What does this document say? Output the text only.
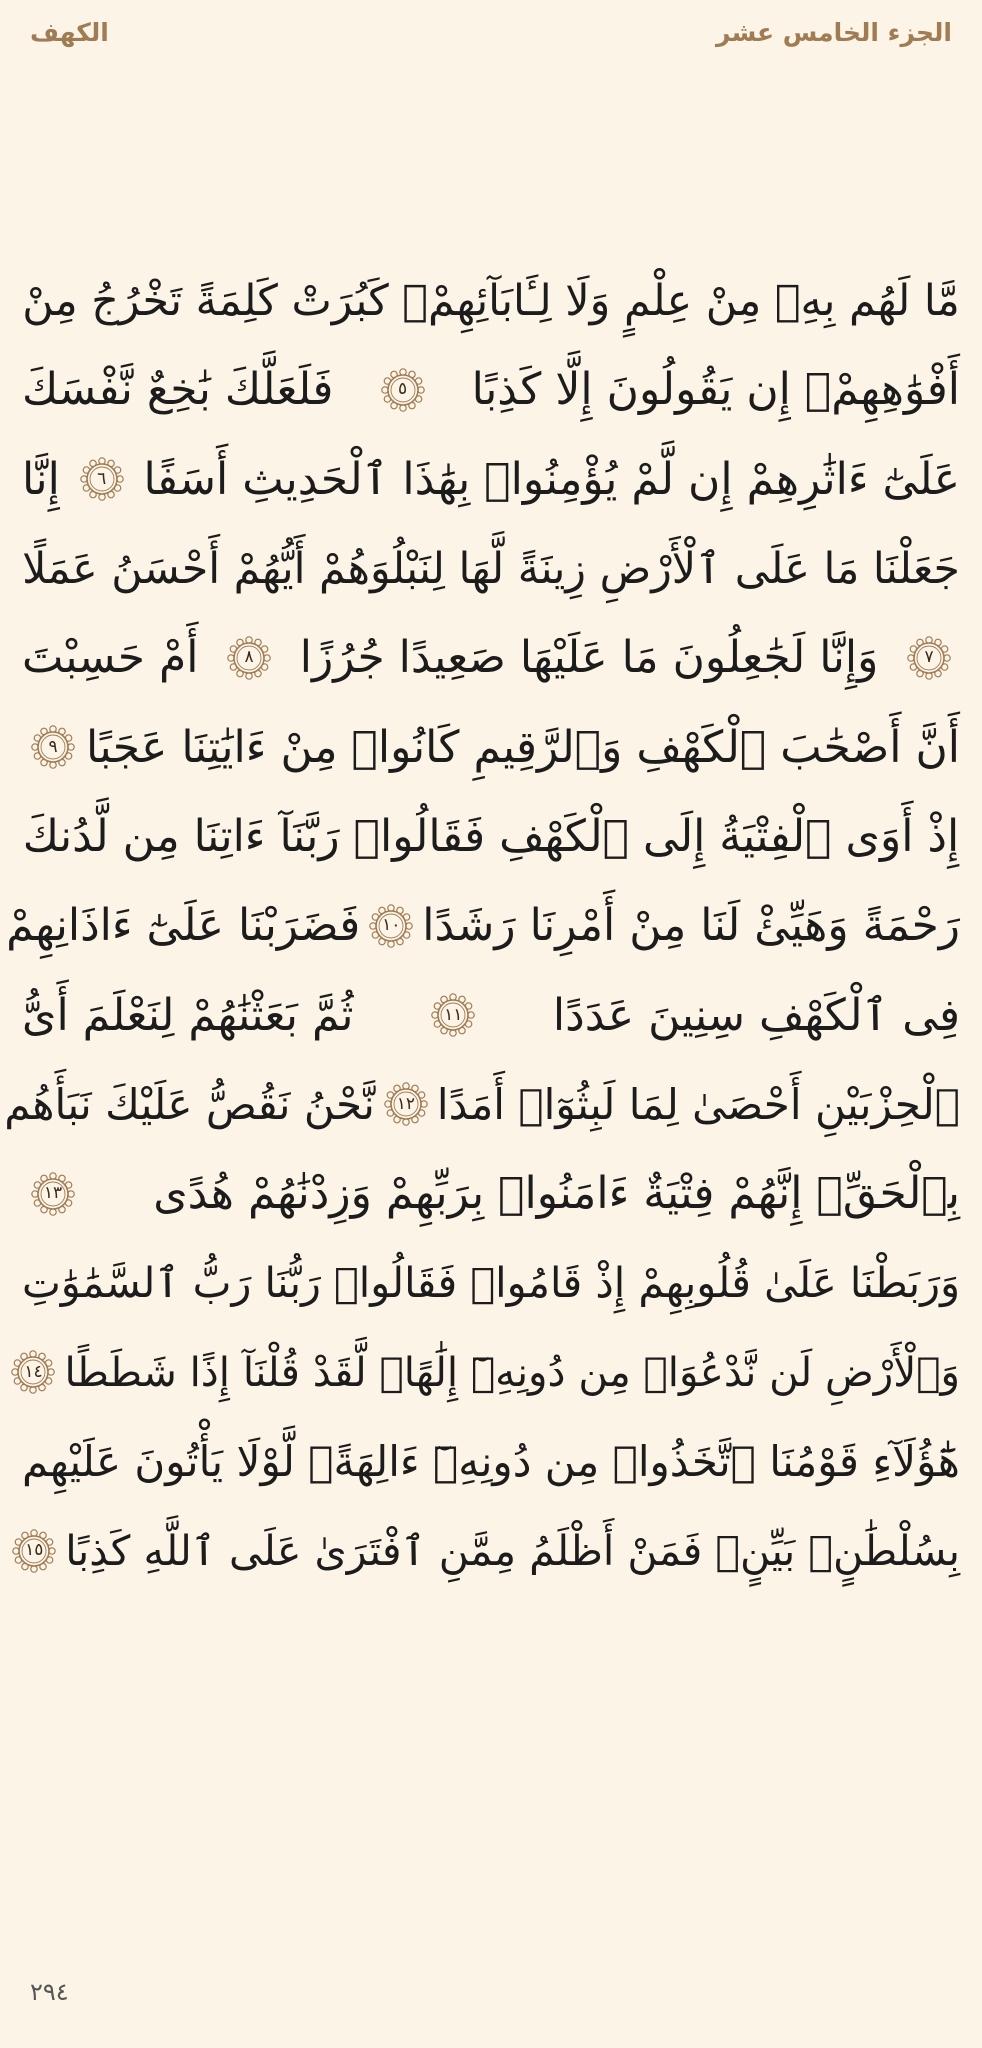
الكهف	الجزء الخامس عشر
مَّا لَهُم بِهِۦ مِنْ عِلْمٍ وَلَا لِـَٔابَآئِهِمْۚ كَبُرَتْ كَلِمَةً تَخْرُجُ مِنْ
أَفْوَٰهِهِمْۚ إِن يَقُولُونَ إِلَّا كَذِبًا
٥
فَلَعَلَّكَ بَٰخِعٌ نَّفْسَكَ
عَلَىٰٓ ءَاثَٰرِهِمْ إِن لَّمْ يُؤْمِنُوا۟ بِهَٰذَا ٱلْحَدِيثِ أَسَفًا
٦
إِنَّا
جَعَلْنَا مَا عَلَى ٱلْأَرْضِ زِينَةً لَّهَا لِنَبْلُوَهُمْ أَيُّهُمْ أَحْسَنُ عَمَلًا
٧
وَإِنَّا لَجَٰعِلُونَ مَا عَلَيْهَا صَعِيدًا جُرُزًا
٨
أَمْ حَسِبْتَ
أَنَّ أَصْحَٰبَ ٱلْكَهْفِ وَٱلرَّقِيمِ كَانُوا۟ مِنْ ءَايَٰتِنَا عَجَبًا
٩
إِذْ أَوَى ٱلْفِتْيَةُ إِلَى ٱلْكَهْفِ فَقَالُوا۟ رَبَّنَآ ءَاتِنَا مِن لَّدُنكَ
رَحْمَةً وَهَيِّئْ لَنَا مِنْ أَمْرِنَا رَشَدًا
١٠
فَضَرَبْنَا عَلَىٰٓ ءَاذَانِهِمْ
فِى ٱلْكَهْفِ سِنِينَ عَدَدًا
١١
ثُمَّ بَعَثْنَٰهُمْ لِنَعْلَمَ أَىُّ
ٱلْحِزْبَيْنِ أَحْصَىٰ لِمَا لَبِثُوٓا۟ أَمَدًا
١٢
نَّحْنُ نَقُصُّ عَلَيْكَ نَبَأَهُم
بِٱلْحَقِّۚ إِنَّهُمْ فِتْيَةٌ ءَامَنُوا۟ بِرَبِّهِمْ وَزِدْنَٰهُمْ هُدًى
١٣
وَرَبَطْنَا عَلَىٰ قُلُوبِهِمْ إِذْ قَامُوا۟ فَقَالُوا۟ رَبُّنَا رَبُّ ٱلسَّمَٰوَٰتِ
وَٱلْأَرْضِ لَن نَّدْعُوَا۟ مِن دُونِهِۦٓ إِلَٰهًاۖ لَّقَدْ قُلْنَآ إِذًا شَطَطًا
١٤
هَٰٓؤُلَآءِ قَوْمُنَا ٱتَّخَذُوا۟ مِن دُونِهِۦٓ ءَالِهَةًۖ لَّوْلَا يَأْتُونَ عَلَيْهِم
بِسُلْطَٰنٍۭ بَيِّنٍۖ فَمَنْ أَظْلَمُ مِمَّنِ ٱفْتَرَىٰ عَلَى ٱللَّهِ كَذِبًا
١٥
٢٩٤
